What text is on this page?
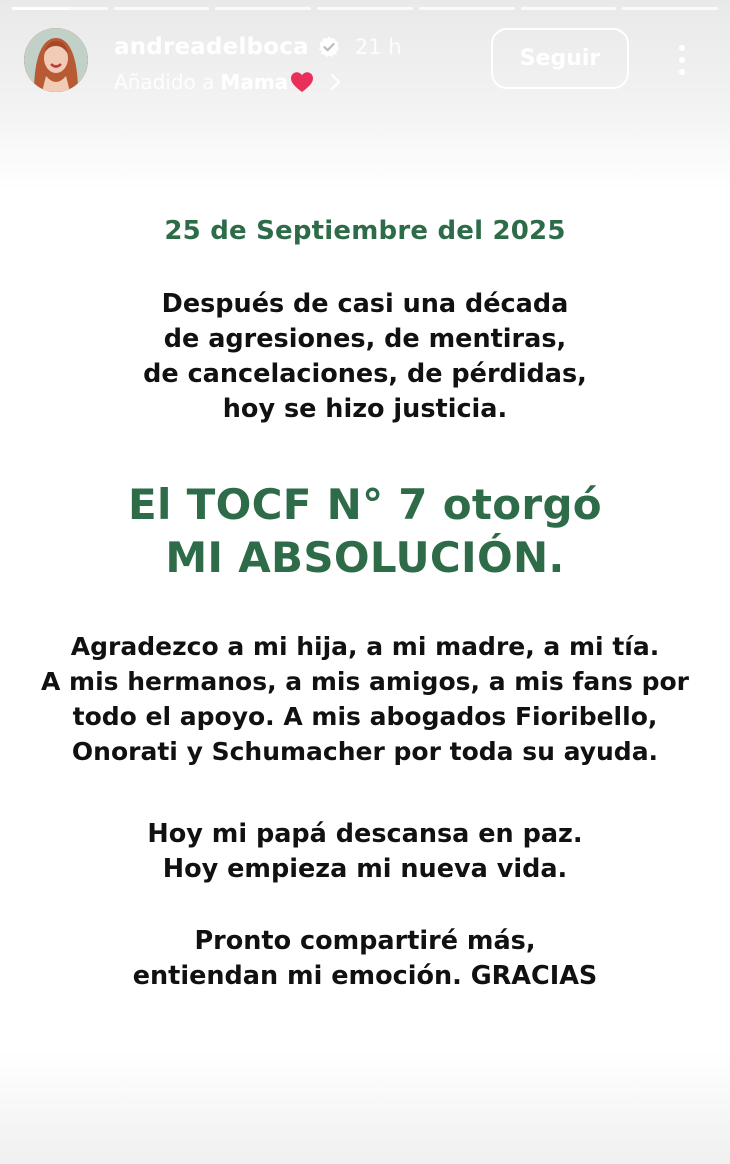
andreadelboca 21 h
Añadido a Mama
Seguir
25 de Septiembre del 2025
Después de casi una década
de agresiones, de mentiras,
de cancelaciones, de pérdidas,
hoy se hizo justicia.
El TOCF N° 7 otorgó
MI ABSOLUCIÓN.
Agradezco a mi hija, a mi madre, a mi tía.
A mis hermanos, a mis amigos, a mis fans por
todo el apoyo. A mis abogados Fioribello,
Onorati y Schumacher por toda su ayuda.
Hoy mi papá descansa en paz.
Hoy empieza mi nueva vida.
Pronto compartiré más,
entiendan mi emoción. GRACIAS
